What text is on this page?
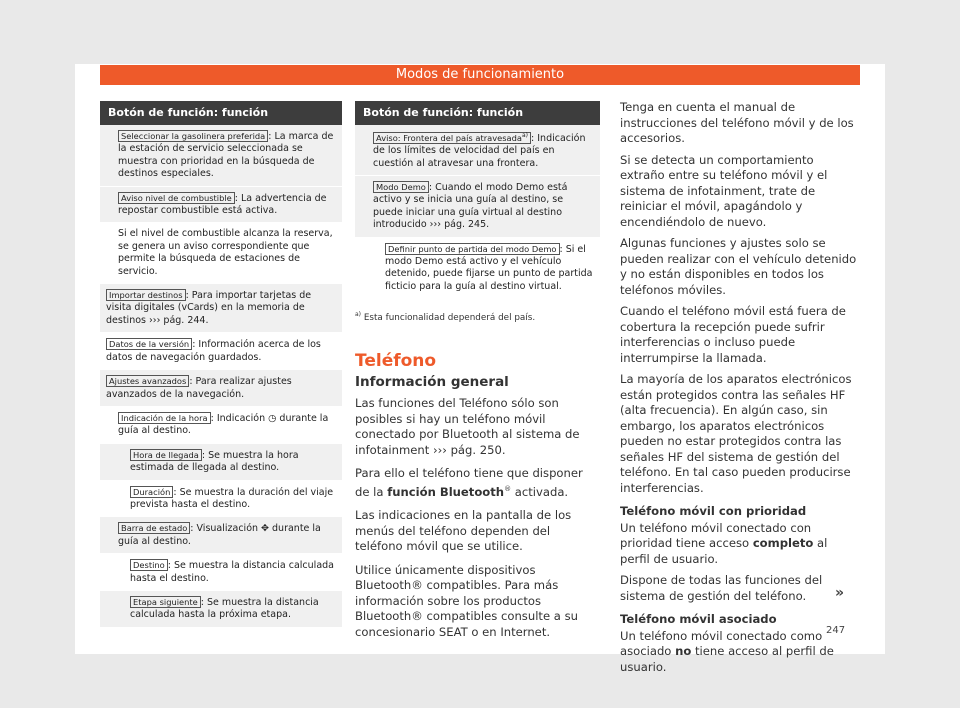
Modos de funcionamiento
Botón de función: función
Seleccionar la gasolinera preferida : La marca de la estación de servicio seleccionada se muestra con prioridad en la búsqueda de destinos especiales.
Aviso nivel de combustible : La advertencia de repostar combustible está activa.
Si el nivel de combustible alcanza la reserva, se genera un aviso correspondiente que permite la búsqueda de estaciones de servicio.
Importar destinos : Para importar tarjetas de visita digitales (vCards) en la memoria de destinos ››› pág. 244.
Datos de la versión : Información acerca de los datos de navegación guardados.
Ajustes avanzados : Para realizar ajustes avanzados de la navegación.
Indicación de la hora : Indicación ◷ durante la guía al destino.
Hora de llegada : Se muestra la hora estimada de llegada al destino.
Duración : Se muestra la duración del viaje prevista hasta el destino.
Barra de estado : Visualización ✥ durante la guía al destino.
Destino : Se muestra la distancia calculada hasta el destino.
Etapa siguiente : Se muestra la distancia calculada hasta la próxima etapa.
Botón de función: función
Aviso: Frontera del país atravesada$^{a)}$ : Indicación de los límites de velocidad del país en cuestión al atravesar una frontera.
Modo Demo : Cuando el modo Demo está activo y se inicia una guía al destino, se puede iniciar una guía virtual al destino introducido ››› pág. 245.
Definir punto de partida del modo Demo : Si el modo Demo está activo y el vehículo detenido, puede fijarse un punto de partida ficticio para la guía al destino virtual.
$^{a)}$ Esta funcionalidad dependerá del país.
Teléfono
Información general

Las funciones del Teléfono sólo son posibles si hay un teléfono móvil conectado por Bluetooth al sistema de infotainment ››› pág. 250.

Para ello el teléfono tiene que disponer de la función Bluetooth® activada.

Las indicaciones en la pantalla de los menús del teléfono dependen del teléfono móvil que se utilice.

Utilice únicamente dispositivos Bluetooth® compatibles. Para más información sobre los productos Bluetooth® compatibles consulte a su concesionario SEAT o en Internet.

Tenga en cuenta el manual de instrucciones del teléfono móvil y de los accesorios.

Si se detecta un comportamiento extraño entre su teléfono móvil y el sistema de infotainment, trate de reiniciar el móvil, apagándolo y encendiéndolo de nuevo.

Algunas funciones y ajustes solo se pueden realizar con el vehículo detenido y no están disponibles en todos los teléfonos móviles.

Cuando el teléfono móvil está fuera de cobertura la recepción puede sufrir interferencias o incluso puede interrumpirse la llamada.

La mayoría de los aparatos electrónicos están protegidos contra las señales HF (alta frecuencia). En algún caso, sin embargo, los aparatos electrónicos pueden no estar protegidos contra las señales HF del sistema de gestión del teléfono. En tal caso pueden producirse interferencias.

Teléfono móvil con prioridad

Un teléfono móvil conectado con prioridad tiene acceso completo al perfil de usuario.

Dispone de todas las funciones del sistema de gestión del teléfono.

Teléfono móvil asociado

Un teléfono móvil conectado como asociado no tiene acceso al perfil de usuario.

»
247
